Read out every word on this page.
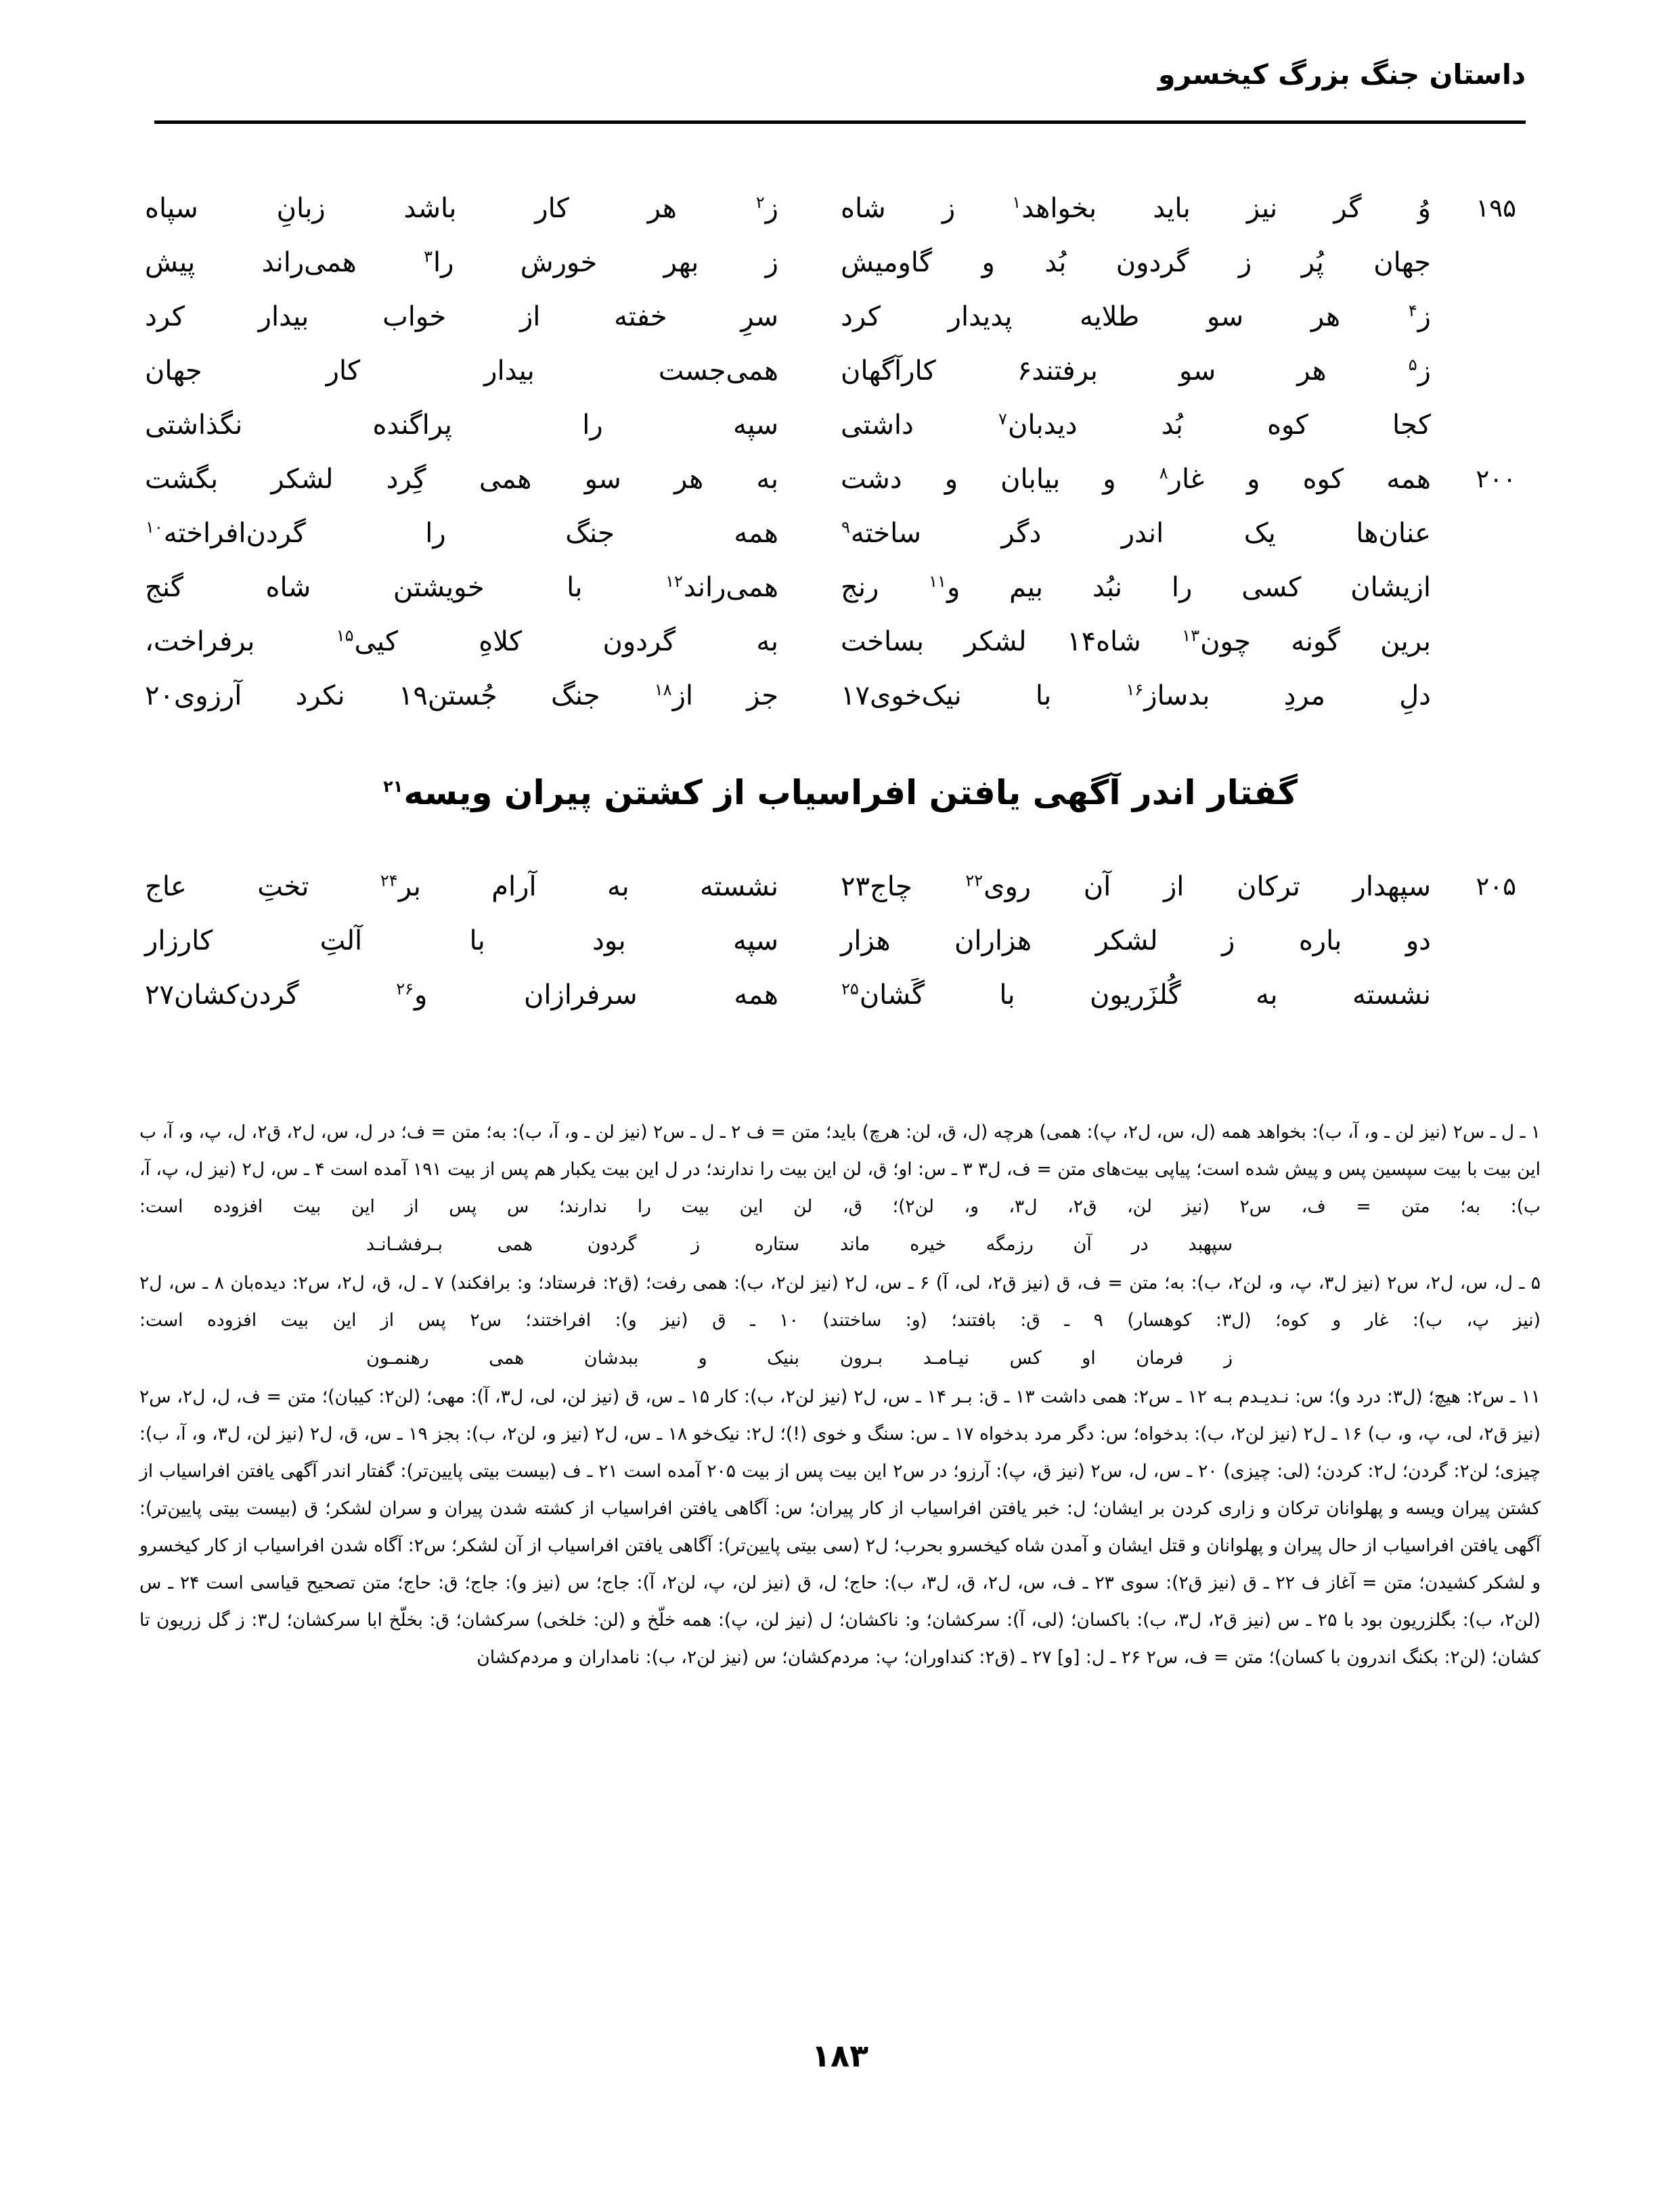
داستان جنگ بزرگ کیخسرو
۱۹۵
وُ گر نیز باید بخواهد$^۱$ ز شاه
ز$^۲$ هر کار باشد زبانِ سپاه
جهان پُر ز گردون بُد و گاومیش
ز بهر خورش را$^۳$ همی‌راند پیش
ز$^۴$ هر سو طلایه پدیدار کرد
سرِ خفته از خواب بیدار کرد
ز$^۵$ هر سو برفتند۶ کارآگهان
همی‌جست بیدار کار جهان
کجا کوه بُد دیدبان$^۷$ داشتی
سپه را پراگنده نگذاشتی
۲۰۰
همه کوه و غار$^۸$ و بیابان و دشت
به هر سو همی گِرد لشکر بگشت
عنان‌ها یک اندر دگر ساخته$^۹$
همه جنگ را گردن‌افراخته$^{۱۰}$
ازیشان کسی را نبُد بیم و$^{۱۱}$ رنج
همی‌راند$^{۱۲}$ با خویشتن شاه گنج
برین گونه چون$^{۱۳}$ شاه۱۴ لشکر بساخت
به گردون کلاهِ کیی$^{۱۵}$ برفراخت،
دلِ مردِ بدساز$^{۱۶}$ با نیک‌خوی۱۷
جز از$^{۱۸}$ جنگ جُستن۱۹ نکرد آرزوی۲۰
گفتار اندر آگهی یافتن افراسیاب از کشتن پیران ویسه$^{۲۱}$
۲۰۵
سپهدار ترکان از آن روی$^{۲۲}$ چاج۲۳
نشسته به آرام بر$^{۲۴}$ تختِ عاج
دو باره ز لشکر هزاران هزار
سپه بود با آلتِ کارزار
نشسته به گُلزَریون با گَشان$^{۲۵}$
همه سرفرازان و$^{۲۶}$ گردن‌کشان۲۷

۱ ـ ل ـ س۲ (نیز لن ـ و، آ، ب): بخواهد همه (ل، س، ل۲، پ): همی) هرچه (ل، ق، لن: هرچ) باید؛ متن = ف ۲ ـ ل ـ س۲ (نیز لن ـ و، آ، ب): به؛ متن = ف؛ در ل، س، ل۲، ق۲، ل، پ، و، آ، ب این بیت با بیت سپسین پس و پیش شده است؛ پیاپی بیت‌های متن = ف، ل۳ ۳ ـ س: او؛ ق، لن این بیت را ندارند؛ در ل این بیت یکبار هم پس از بیت ۱۹۱ آمده است ۴ ـ س، ل۲ (نیز ل، پ، آ، ب): به؛ متن = ف، س۲ (نیز لن، ق۲، ل۳، و، لن۲)؛ ق، لن این بیت را ندارند؛ س پس از این بیت افزوده است:

سپهبد در آن رزمگه خیره ماند
ستاره ز گردون همی بـرفشـانـد

۵ ـ ل، س، ل۲، س۲ (نیز ل۳، پ، و، لن۲، ب): به؛ متن = ف، ق (نیز ق۲، لی، آ) ۶ ـ س، ل۲ (نیز لن۲، ب): همی رفت؛ (ق۲: فرستاد؛ و: برافکند) ۷ ـ ل، ق، ل۲، س۲: دیده‌بان ۸ ـ س، ل۲ (نیز پ، ب): غار و کوه؛ (ل۳: کوهسار) ۹ ـ ق: بافتند؛ (و: ساختند) ۱۰ ـ ق (نیز و): افراختند؛ س۲ پس از این بیت افزوده است:

ز فرمان او کس نیـامـد بـرون
بنیک و ببدشان همی رهنمـون

۱۱ ـ س۲: هیچ؛ (ل۳: درد و)؛ س: نـدیـدم بـه ۱۲ ـ س۲: همی داشت ۱۳ ـ ق: بـر ۱۴ ـ س، ل۲ (نیز لن۲، ب): کار ۱۵ ـ س، ق (نیز لن، لی، ل۳، آ): مهی؛ (لن۲: کیبان)؛ متن = ف، ل، ل۲، س۲ (نیز ق۲، لی، پ، و، ب) ۱۶ ـ ل۲ (نیز لن۲، ب): بدخواه؛ س: دگر مرد بدخواه ۱۷ ـ س: سنگ و خوی (!)؛ ل۲: نیک‌خو ۱۸ ـ س، ل۲ (نیز و، لن۲، ب): بجز ۱۹ ـ س، ق، ل۲ (نیز لن، ل۳، و، آ، ب): چیزی؛ لن۲: گردن؛ ل۲: کردن؛ (لی: چیزی) ۲۰ ـ س، ل، س۲ (نیز ق، پ): آرزو؛ در س۲ این بیت پس از بیت ۲۰۵ آمده است ۲۱ ـ ف (بیست بیتی پایین‌تر): گفتار اندر آگهی یافتن افراسیاب از کشتن پیران ویسه و پهلوانان ترکان و زاری کردن بر ایشان؛ ل: خبر یافتن افراسیاب از کار پیران؛ س: آگاهی یافتن افراسیاب از کشته شدن پیران و سران لشکر؛ ق (بیست بیتی پایین‌تر): آگهی یافتن افراسیاب از حال پیران و پهلوانان و قتل ایشان و آمدن شاه کیخسرو بحرب؛ ل۲ (سی بیتی پایین‌تر): آگاهی یافتن افراسیاب از آن لشکر؛ س۲: آگاه شدن افراسیاب از کار کیخسرو و لشکر کشیدن؛ متن = آغاز ف ۲۲ ـ ق (نیز ق۲): سوی ۲۳ ـ ف، س، ل۲، ق، ل۳، ب): حاج؛ ل، ق (نیز لن، پ، لن۲، آ): جاج؛ س (نیز و): جاج؛ ق: حاج؛ متن تصحیح قیاسی است ۲۴ ـ س (لن۲، ب): بگلزریون بود با ۲۵ ـ س (نیز ق۲، ل۳، ب): باکسان؛ (لی، آ): سرکشان؛ و: ناکشان؛ ل (نیز لن، پ): همه خلّخ و (لن: خلخی) سرکشان؛ ق: بخلّخ ابا سرکشان؛ ل۳: ز گل زریون تا کشان؛ (لن۲: بکنگ اندرون با کسان)؛ متن = ف، س۲ ۲۶ ـ ل: [و] ۲۷ ـ (ق۲: کنداوران؛ پ: مردم‌کشان؛ س (نیز لن۲، ب): نامداران و مردم‌کشان

۱۸۳
